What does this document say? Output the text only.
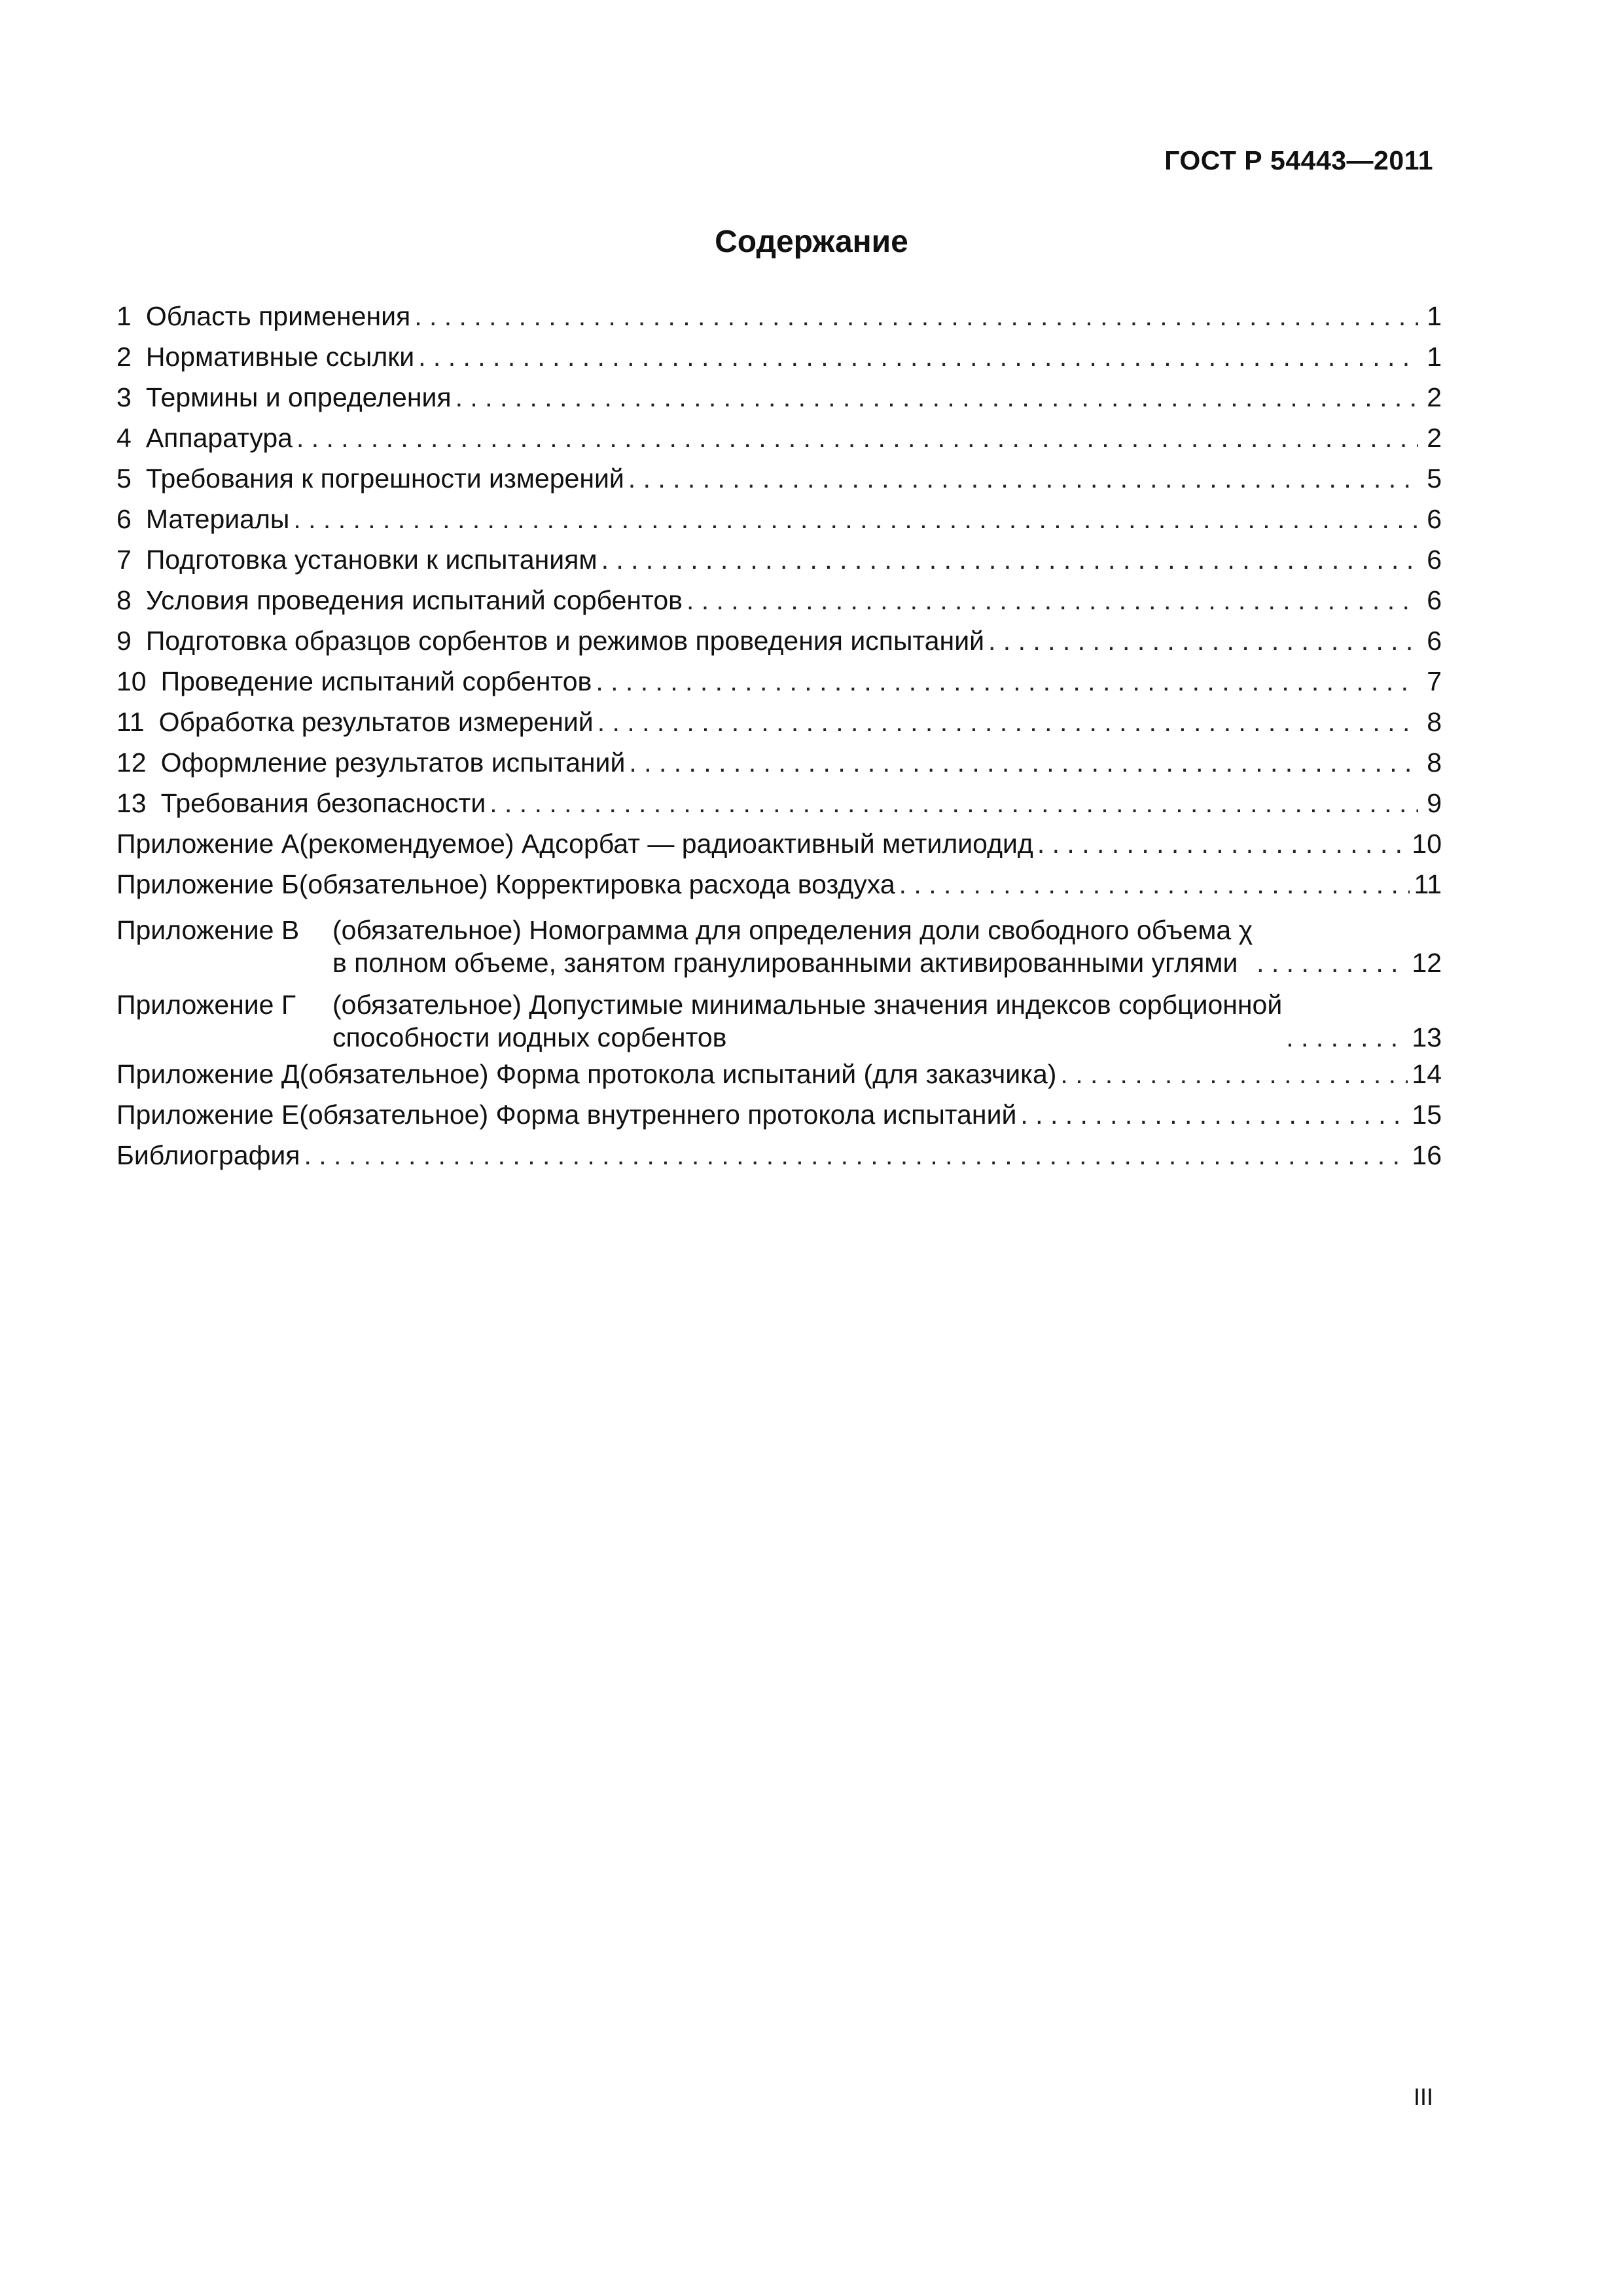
ГОСТ Р 54443—2011
Содержание
1 Область применения . . .	1
2 Нормативные ссылки . . .	1
3 Термины и определения . . .	2
4 Аппаратура . . .	2
5 Требования к погрешности измерений . . .	5
6 Материалы . . .	6
7 Подготовка установки к испытаниям . . .	6
8 Условия проведения испытаний сорбентов . . .	6
9 Подготовка образцов сорбентов и режимов проведения испытаний . . .	6
10 Проведение испытаний сорбентов . . .	7
11 Обработка результатов измерений . . .	8
12 Оформление результатов испытаний . . .	8
13 Требования безопасности . . .	9
Приложение А (рекомендуемое) Адсорбат — радиоактивный метилиодид . . .	10
Приложение Б (обязательное) Корректировка расхода воздуха . . .	11
Приложение В (обязательное) Номограмма для определения доли свободного объема χ
в полном объеме, занятом гранулированными активированными углями . . .	12
Приложение Г (обязательное) Допустимые минимальные значения индексов сорбционной
способности иодных сорбентов . . .	13
Приложение Д (обязательное) Форма протокола испытаний (для заказчика) . . .	14
Приложение Е (обязательное) Форма внутреннего протокола испытаний . . .	15
Библиография . . .	16
III
